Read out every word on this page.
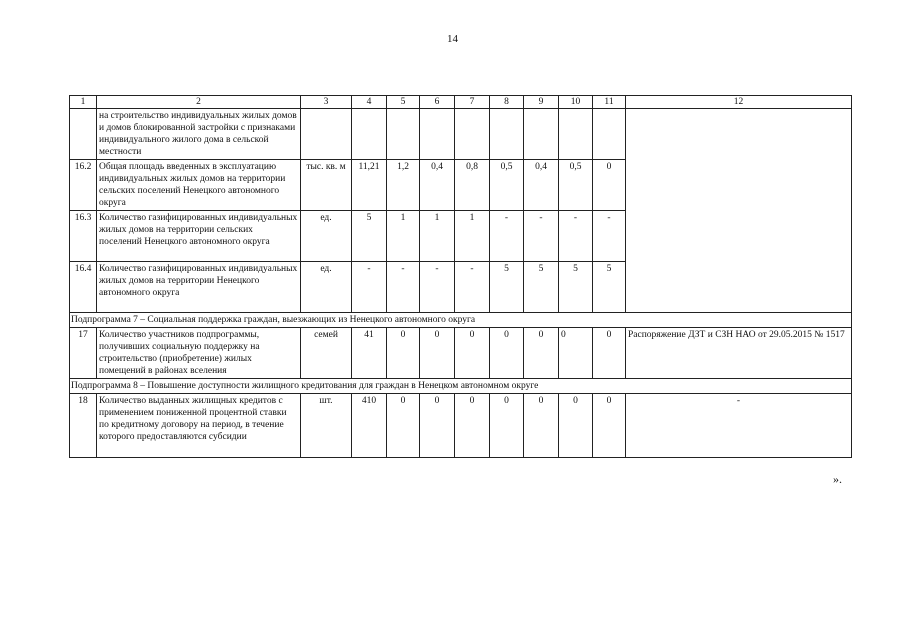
14
1	2	3	4	5	6	7	8	9	10	11	12
	на строительство индивидуальных жилых домов и домов блокированной застройки с признаками индивидуального жилого дома в сельской местности										
16.2	Общая площадь введенных в эксплуатацию индивидуальных жилых домов на территории сельских поселений Ненецкого автономного округа	тыс. кв. м	11,21	1,2	0,4	0,8	0,5	0,4	0,5	0	
16.3	Количество газифицированных индивидуальных жилых домов на территории сельских поселений Ненецкого автономного округа	ед.	5	1	1	1	-	-	-	-	
16.4	Количество газифицированных индивидуальных жилых домов на территории Ненецкого автономного округа	ед.	-	-	-	-	5	5	5	5	
Подпрограмма 7 – Социальная поддержка граждан, выезжающих из Ненецкого автономного округа											
17	Количество участников подпрограммы, получивших социальную поддержку на строительство (приобретение) жилых помещений в районах вселения	семей	41	0	0	0	0	0	0	0	Распоряжение ДЗТ и СЗН НАО от 29.05.2015 № 1517
Подпрограмма 8 – Повышение доступности жилищного кредитования для граждан в Ненецком автономном округе											
18	Количество выданных жилищных кредитов с применением пониженной процентной ставки по кредитному договору на период, в течение которого предоставляются субсидии	шт.	410	0	0	0	0	0	0	0	-
».
